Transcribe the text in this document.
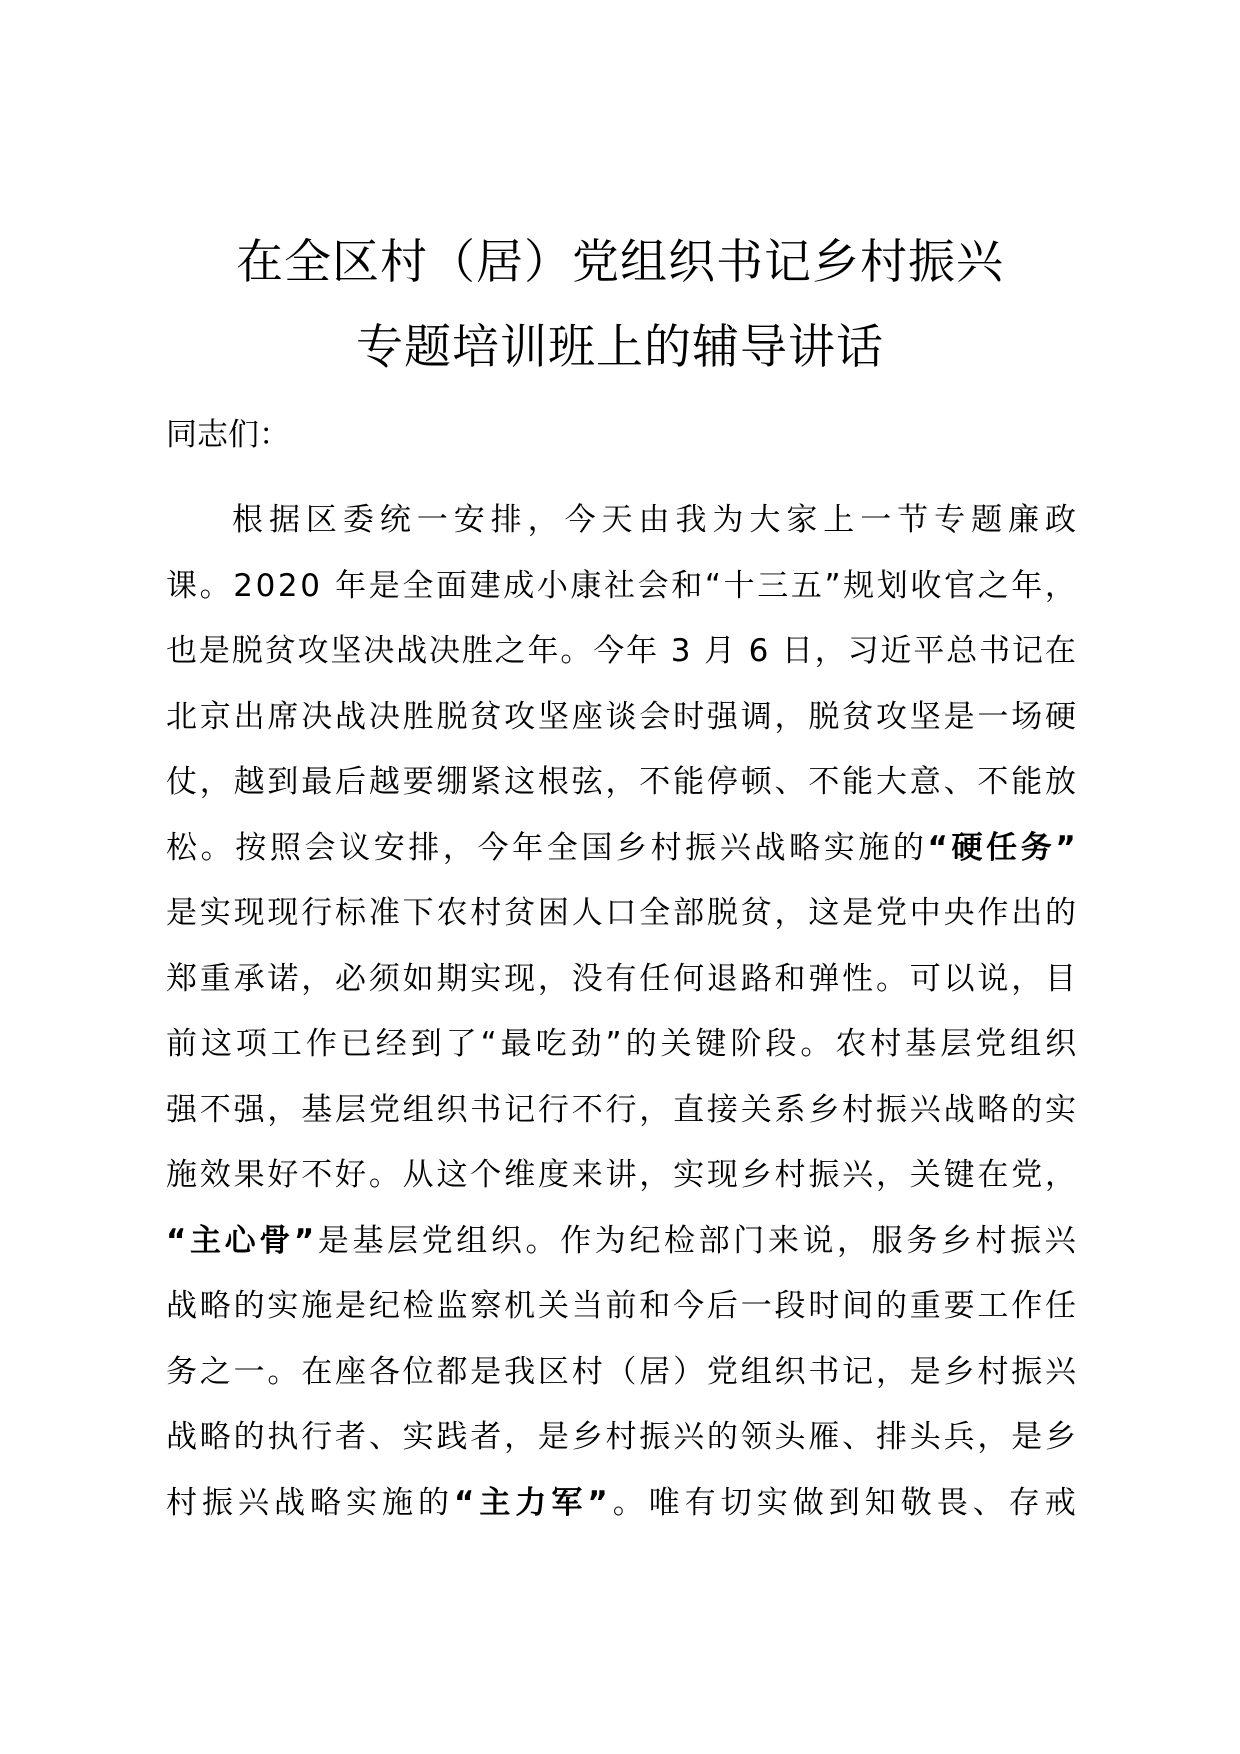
在全区村（居）党组织书记乡村振兴
专题培训班上的辅导讲话
同志们：
根据区委统一安排，今天由我为大家上一节专题廉政
课。2020 年是全面建成小康社会和“十三五”规划收官之年，
也是脱贫攻坚决战决胜之年。今年 3 月 6 日，习近平总书记在
北京出席决战决胜脱贫攻坚座谈会时强调，脱贫攻坚是一场硬
仗，越到最后越要绷紧这根弦，不能停顿、不能大意、不能放
松。按照会议安排，今年全国乡村振兴战略实施的“硬任务”
是实现现行标准下农村贫困人口全部脱贫，这是党中央作出的
郑重承诺，必须如期实现，没有任何退路和弹性。可以说，目
前这项工作已经到了“最吃劲”的关键阶段。农村基层党组织
强不强，基层党组织书记行不行，直接关系乡村振兴战略的实
施效果好不好。从这个维度来讲，实现乡村振兴，关键在党，
“主心骨”是基层党组织。作为纪检部门来说，服务乡村振兴
战略的实施是纪检监察机关当前和今后一段时间的重要工作任
务之一。在座各位都是我区村（居）党组织书记，是乡村振兴
战略的执行者、实践者，是乡村振兴的领头雁、排头兵，是乡
村振兴战略实施的“主力军”。唯有切实做到知敬畏、存戒
